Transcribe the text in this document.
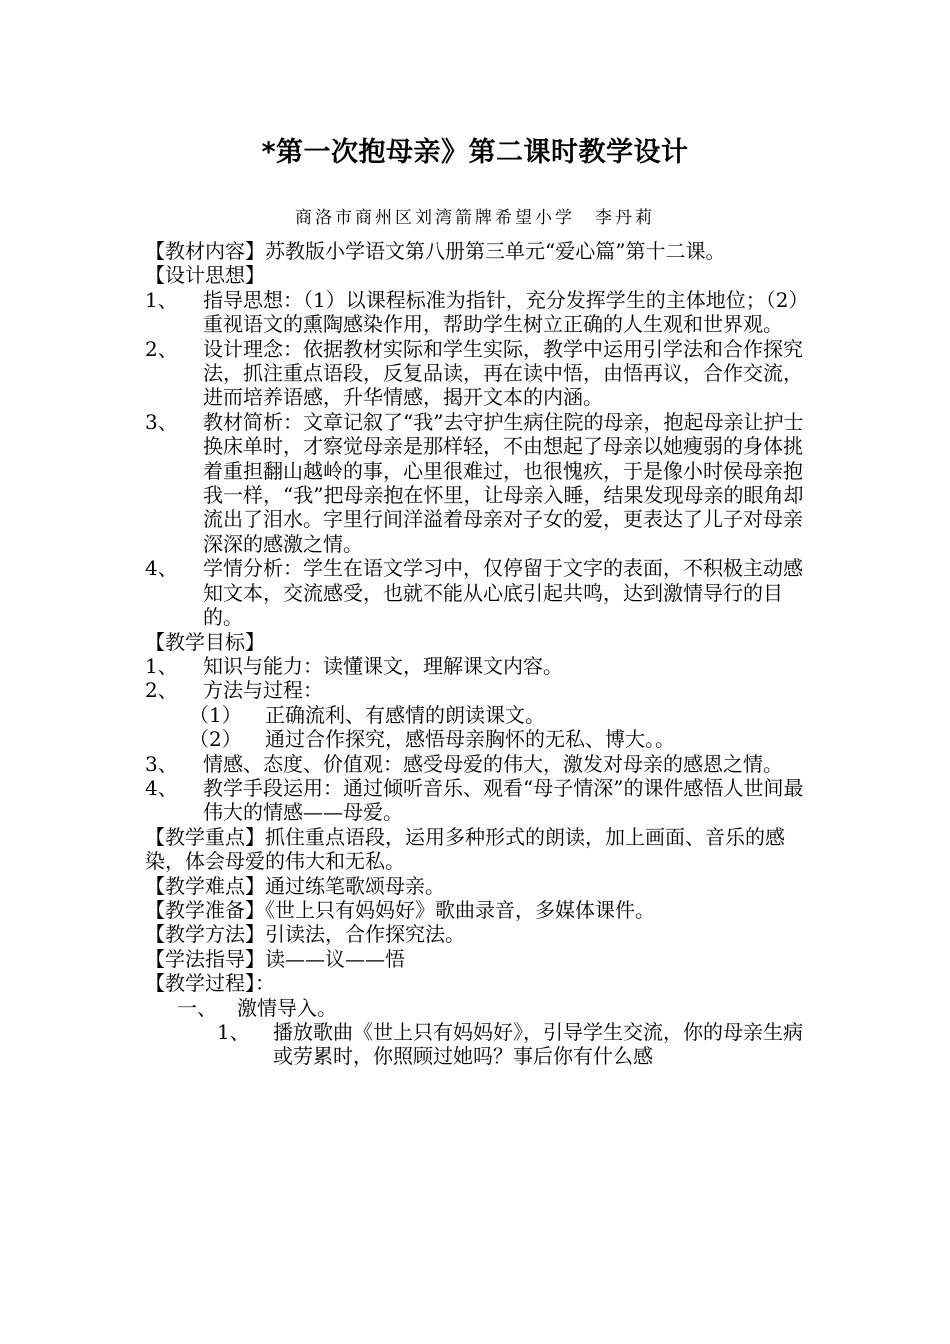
*第一次抱母亲》第二课时教学设计
商洛市商州区刘湾箭牌希望小学　李丹莉

【教材内容】苏教版小学语文第八册第三单元“爱心篇”第十二课。

【设计思想】

1、 指导思想：（1）以课程标准为指针，充分发挥学生的主体地位；（2）重视语文的熏陶感染作用，帮助学生树立正确的人生观和世界观。
2、 设计理念：依据教材实际和学生实际，教学中运用引学法和合作探究法，抓注重点语段，反复品读，再在读中悟，由悟再议，合作交流，进而培养语感，升华情感，揭开文本的内涵。
3、 教材简析：文章记叙了“我”去守护生病住院的母亲，抱起母亲让护士换床单时，才察觉母亲是那样轻，不由想起了母亲以她瘦弱的身体挑着重担翻山越岭的事，心里很难过，也很愧疚，于是像小时侯母亲抱我一样，“我”把母亲抱在怀里，让母亲入睡，结果发现母亲的眼角却流出了泪水。字里行间洋溢着母亲对子女的爱，更表达了儿子对母亲深深的感激之情。
4、 学情分析：学生在语文学习中，仅停留于文字的表面，不积极主动感知文本，交流感受，也就不能从心底引起共鸣，达到激情导行的目的。

【教学目标】

1、 知识与能力：读懂课文，理解课文内容。
2、 方法与过程：
（1） 正确流利、有感情的朗读课文。
（2） 通过合作探究，感悟母亲胸怀的无私、博大。。
3、 情感、态度、价值观：感受母爱的伟大，激发对母亲的感恩之情。
4、 教学手段运用：通过倾听音乐、观看“母子情深”的课件感悟人世间最伟大的情感——母爱。

【教学重点】抓住重点语段，运用多种形式的朗读，加上画面、音乐的感染，体会母爱的伟大和无私。

【教学难点】通过练笔歌颂母亲。

【教学准备】《世上只有妈妈好》歌曲录音，多媒体课件。

【教学方法】引读法，合作探究法。

【学法指导】读——议——悟

【教学过程】：

一、 激情导入。
1、 播放歌曲《世上只有妈妈好》，引导学生交流，你的母亲生病或劳累时，你照顾过她吗？事后你有什么感
